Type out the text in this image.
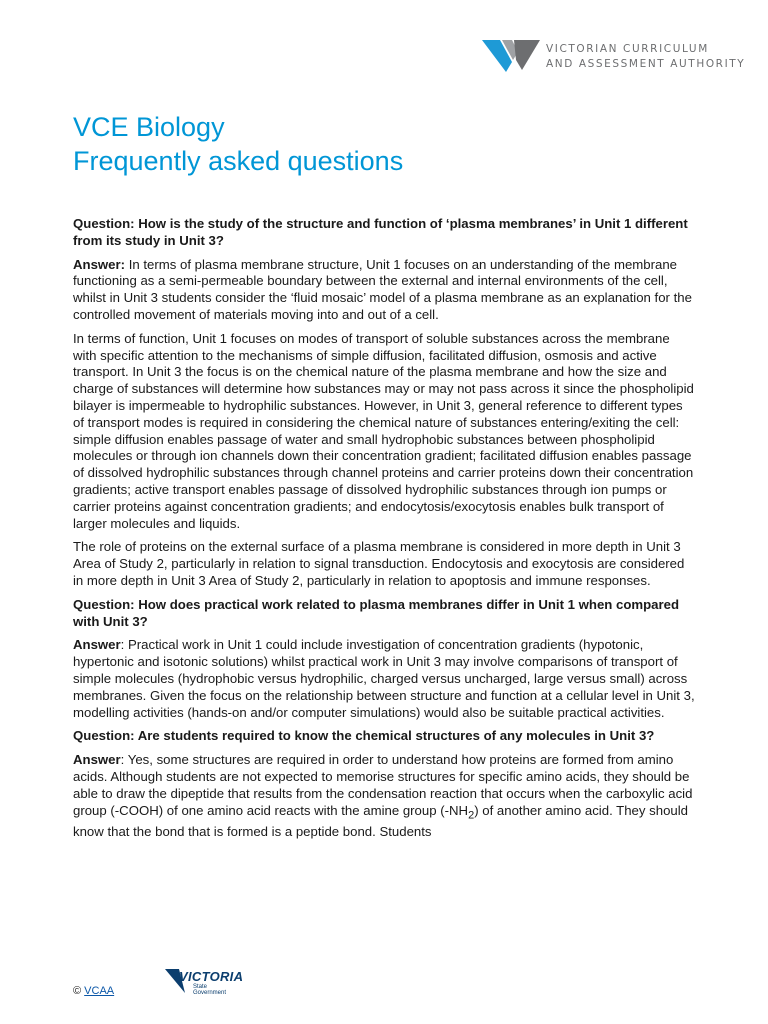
VICTORIAN CURRICULUM
AND ASSESSMENT AUTHORITY
VCE Biology
Frequently asked questions

Question: How is the study of the structure and function of ‘plasma membranes’ in Unit 1 different from its study in Unit 3?

Answer: In terms of plasma membrane structure, Unit 1 focuses on an understanding of the membrane functioning as a semi-permeable boundary between the external and internal environments of the cell, whilst in Unit 3 students consider the ‘fluid mosaic’ model of a plasma membrane as an explanation for the controlled movement of materials moving into and out of a cell.

In terms of function, Unit 1 focuses on modes of transport of soluble substances across the membrane with specific attention to the mechanisms of simple diffusion, facilitated diffusion, osmosis and active transport. In Unit 3 the focus is on the chemical nature of the plasma membrane and how the size and charge of substances will determine how substances may or may not pass across it since the phospholipid bilayer is impermeable to hydrophilic substances. However, in Unit 3, general reference to different types of transport modes is required in considering the chemical nature of substances entering/exiting the cell: simple diffusion enables passage of water and small hydrophobic substances between phospholipid molecules or through ion channels down their concentration gradient; facilitated diffusion enables passage of dissolved hydrophilic substances through channel proteins and carrier proteins down their concentration gradients; active transport enables passage of dissolved hydrophilic substances through ion pumps or carrier proteins against concentration gradients; and endocytosis/exocytosis enables bulk transport of larger molecules and liquids.

The role of proteins on the external surface of a plasma membrane is considered in more depth in Unit 3 Area of Study 2, particularly in relation to signal transduction. Endocytosis and exocytosis are considered in more depth in Unit 3 Area of Study 2, particularly in relation to apoptosis and immune responses.

Question: How does practical work related to plasma membranes differ in Unit 1 when compared with Unit 3?

Answer: Practical work in Unit 1 could include investigation of concentration gradients (hypotonic, hypertonic and isotonic solutions) whilst practical work in Unit 3 may involve comparisons of transport of simple molecules (hydrophobic versus hydrophilic, charged versus uncharged, large versus small) across membranes. Given the focus on the relationship between structure and function at a cellular level in Unit 3, modelling activities (hands-on and/or computer simulations) would also be suitable practical activities.

Question: Are students required to know the chemical structures of any molecules in Unit 3?

Answer: Yes, some structures are required in order to understand how proteins are formed from amino acids. Although students are not expected to memorise structures for specific amino acids, they should be able to draw the dipeptide that results from the condensation reaction that occurs when the carboxylic acid group (-COOH) of one amino acid reacts with the amine group $(-NH_2)$ of another amino acid. They should know that the bond that is formed is a peptide bond. Students

© VCAA
VICTORIA
State
Government
